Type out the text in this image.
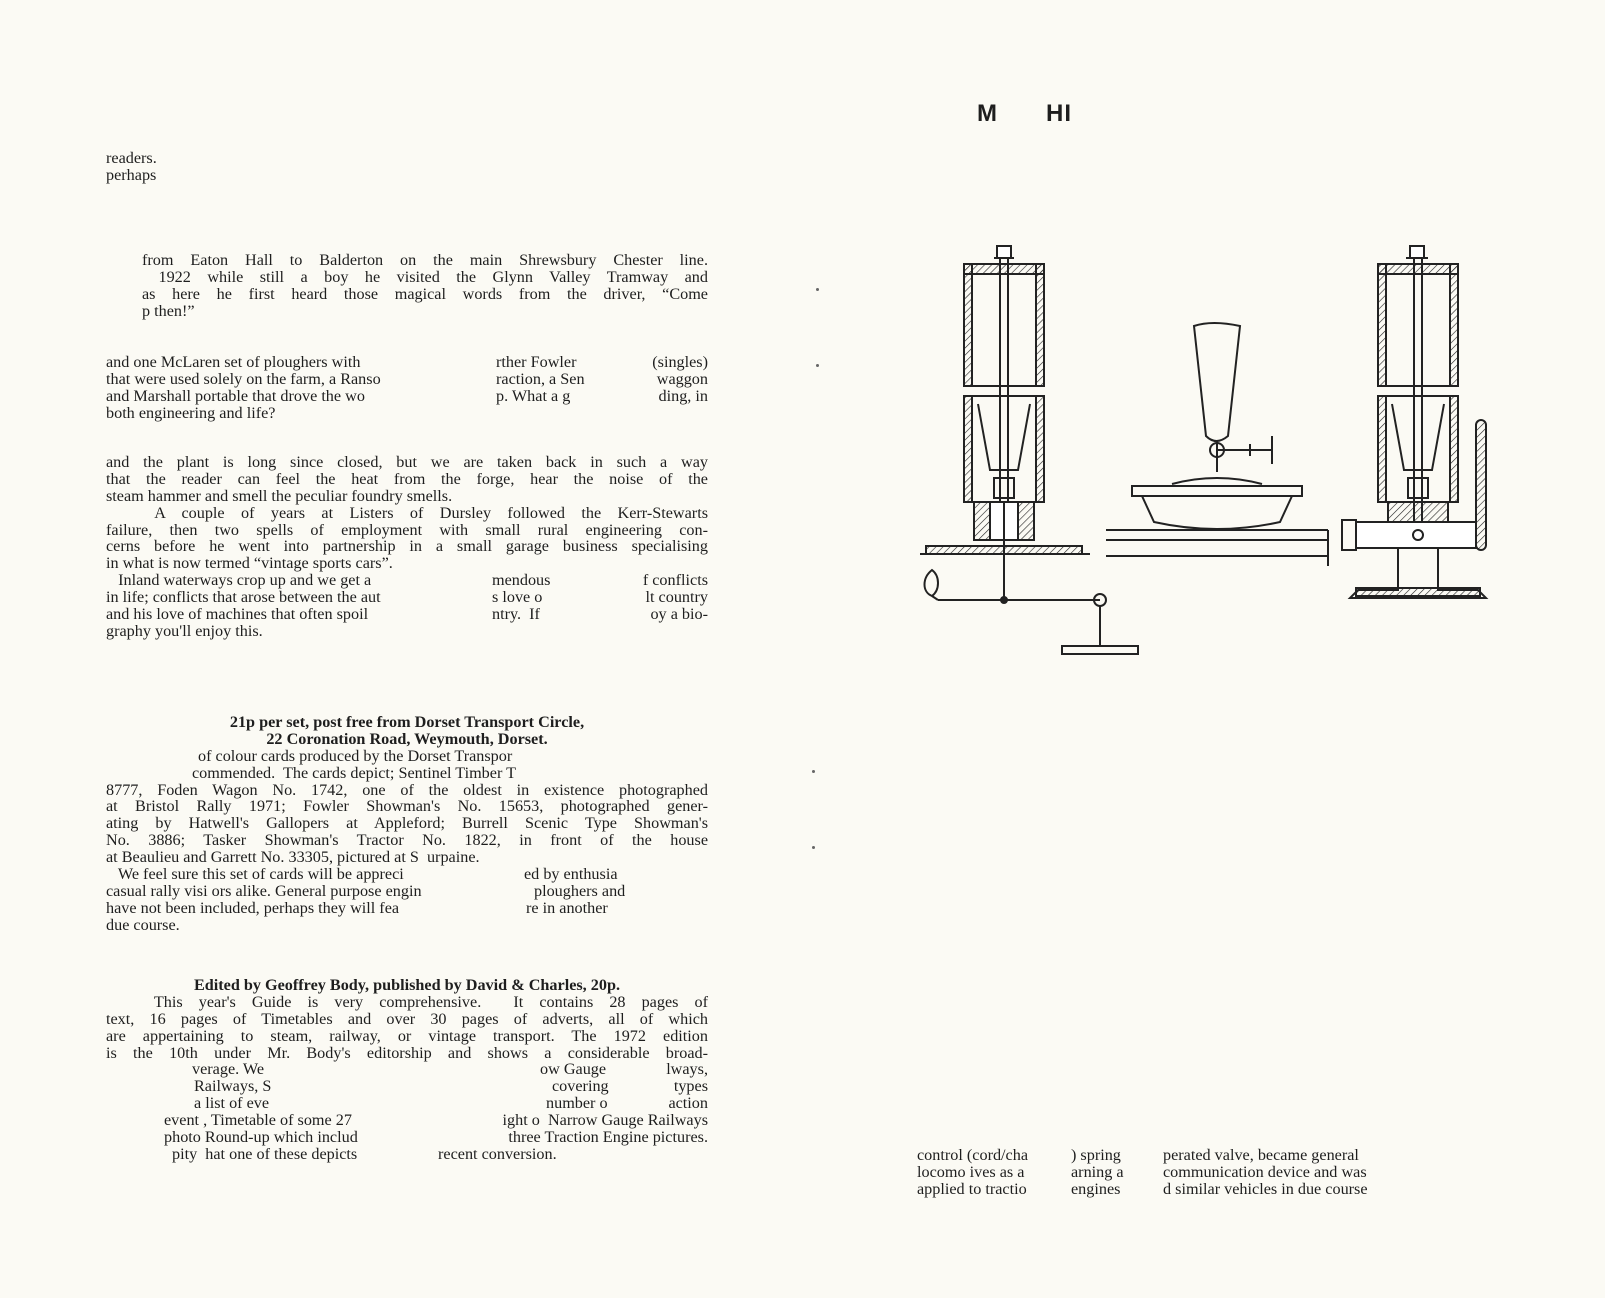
readers.
perhaps
from Eaton Hall to Balderton on the main Shrewsbury Chester line.
1922 while still a boy he visited the Glynn Valley Tramway and
as here he first heard those magical words from the driver, “Come
p then!”
and one McLaren set of ploughers with	rther Fowler	(singles)
that were used solely on the farm, a Ranso	raction, a Sen	waggon
and Marshall portable that drove the wo	p. What a g	ding, in
both engineering and life?
and the plant is long since closed, but we are taken back in such a way
that the reader can feel the heat from the forge, hear the noise of the
steam hammer and smell the peculiar foundry smells.
A couple of years at Listers of Dursley followed the Kerr-Stewarts
failure, then two spells of employment with small rural engineering con-
cerns before he went into partnership in a small garage business specialising
in what is now termed “vintage sports cars”.
Inland waterways crop up and we get a	mendous	f conflicts
in life; conflicts that arose between the aut	s love o	lt country
and his love of machines that often spoil	ntry.  If	oy a bio-
graphy you'll enjoy this.
21p per set, post free from Dorset Transport Circle,
22 Coronation Road, Weymouth, Dorset.
of colour cards produced by the Dorset Transpor
commended.  The cards depict; Sentinel Timber T
8777, Foden Wagon No. 1742, one of the oldest in existence photographed
at Bristol Rally 1971; Fowler Showman's No. 15653, photographed gener-
ating by Hatwell's Gallopers at Appleford; Burrell Scenic Type Showman's
No. 3886; Tasker Showman's Tractor No. 1822, in front of the house
at Beaulieu and Garrett No. 33305, pictured at S  urpaine.
We feel sure this set of cards will be appreci	ed by enthusia
casual rally visi ors alike. General purpose engin	ploughers and
have not been included, perhaps they will fea	re in another
due course.
Edited by Geoffrey Body, published by David & Charles, 20p.
This year's Guide is very comprehensive.  It contains 28 pages of
text, 16 pages of Timetables and over 30 pages of adverts, all of which
are appertaining to steam, railway, or vintage transport. The 1972 edition
is the 10th under Mr. Body's editorship and shows a considerable broad-
verage. We	ow Gauge	lways,
Railways, S	covering	types
a list of eve	number o	action
event , Timetable of some 27	ight o  Narrow Gauge Railways
photo Round-up which includ	three Traction Engine pictures.
pity  hat one of these depicts	recent conversion.
M HI
control (cord/cha	) spring	perated valve, became general
locomo ives as a	arning a communication device and was
applied to tractio	engines	d similar vehicles in due course
